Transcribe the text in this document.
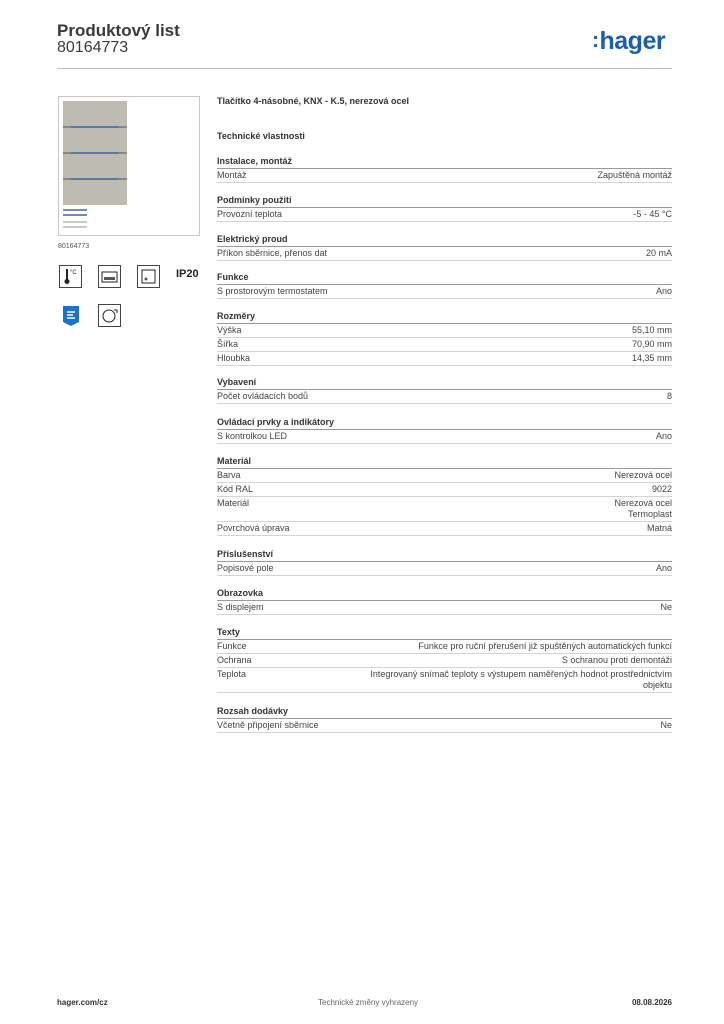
Produktový list
80164773	:hager
80164773
°C	IP20
Tlačítko 4-násobné, KNX - K.5, nerezová ocel
Technické vlastnosti
Instalace, montáž
Montáž	Zapuštěná montáž
Podmínky použití
Provozní teplota	-5 - 45 °C
Elektrický proud
Příkon sběrnice, přenos dat	20 mA
Funkce
S prostorovým termostatem	Ano
Rozměry
Výška	55,10 mm
Šířka	70,90 mm
Hloubka	14,35 mm
Vybavení
Počet ovládacích bodů	8
Ovládací prvky a indikátory
S kontrolkou LED	Ano
Materiál
Barva	Nerezová ocel
Kód RAL	9022
Materiál	Nerezová ocel
Termoplast
Povrchová úprava	Matná
Příslušenství
Popisové pole	Ano
Obrazovka
S displejem	Ne
Texty
Funkce	Funkce pro ruční přerušení již spuštěných automatických funkcí
Ochrana	S ochranou proti demontáži
Teplota	Integrovaný snímač teploty s výstupem naměřených hodnot prostřednictvím
objektu
Rozsah dodávky
Včetně připojení sběrnice	Ne
hager.com/cz	Technické změny vyhrazeny	08.08.2026
